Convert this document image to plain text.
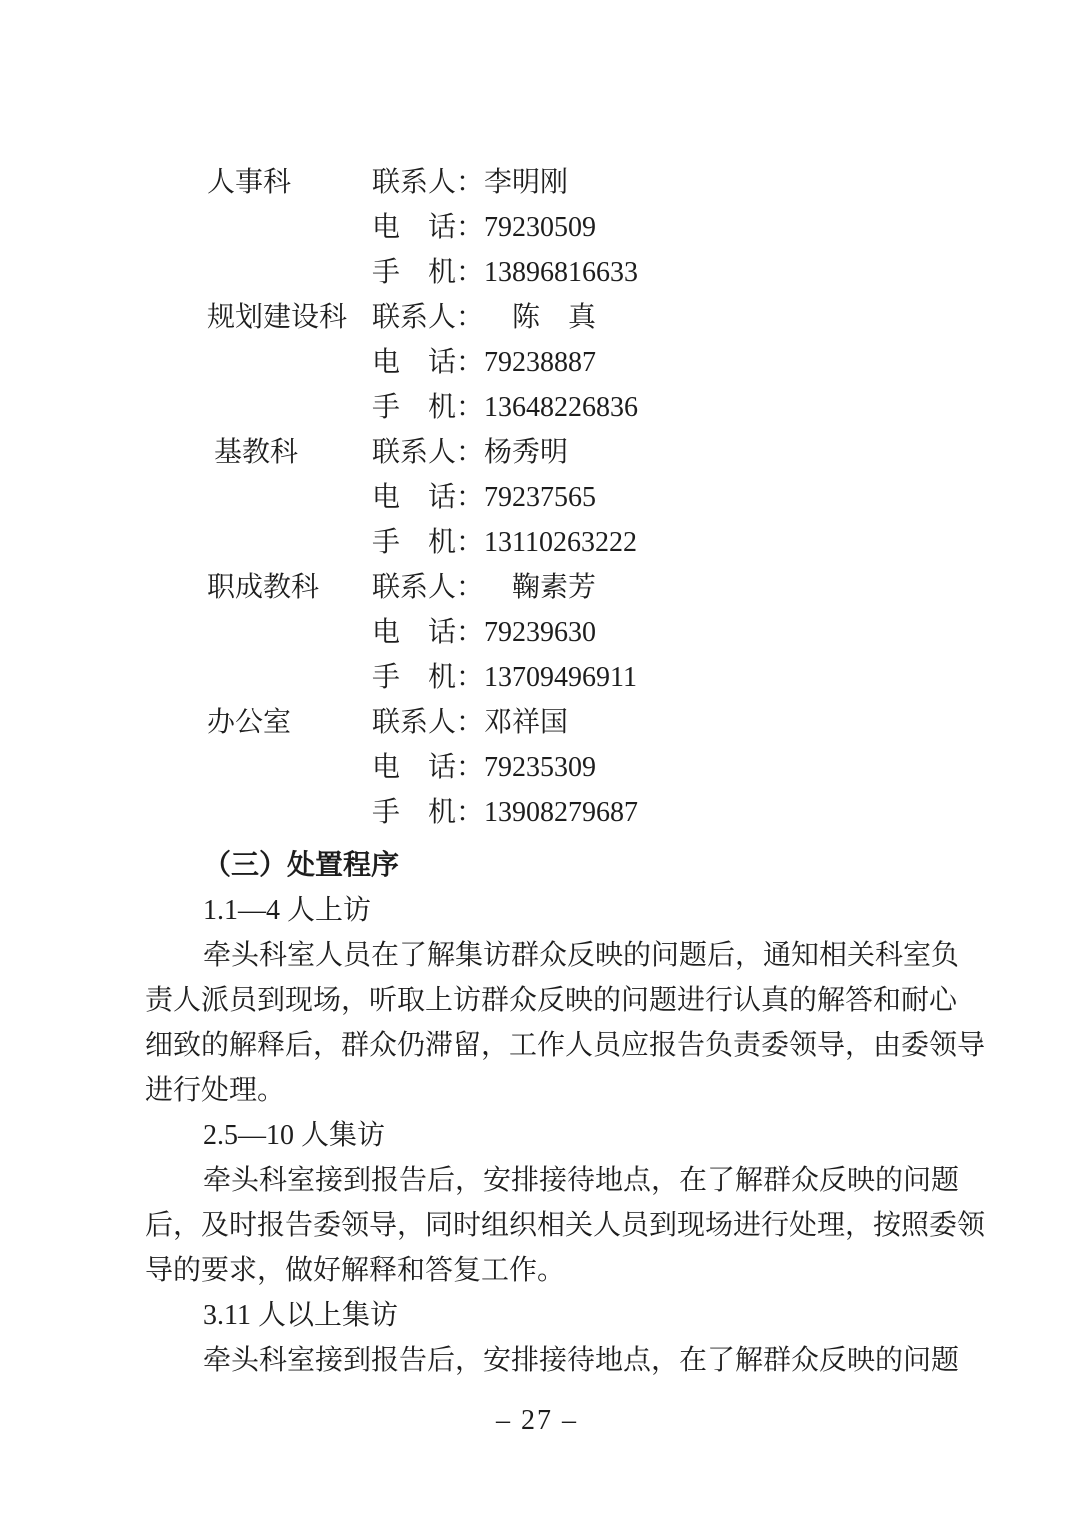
人事科	联系人： 李明刚
电　话： 79230509
手　机： 13896816633
规划建设科 联系人： 　陈　真
电　话： 79238887
手　机： 13648226836
基教科	联系人： 杨秀明
电　话： 79237565
手　机： 13110263222
职成教科	联系人： 　鞠素芳
电　话： 79239630
手　机： 13709496911
办公室	联系人： 邓祥国
电　话： 79235309
手　机： 13908279687
（三）处置程序
1.1—4 人上访
牵头科室人员在了解集访群众反映的问题后，通知相关科室负
责人派员到现场，听取上访群众反映的问题进行认真的解答和耐心
细致的解释后，群众仍滞留，工作人员应报告负责委领导，由委领导
进行处理。
2.5—10 人集访
牵头科室接到报告后，安排接待地点，在了解群众反映的问题
后，及时报告委领导，同时组织相关人员到现场进行处理，按照委领
导的要求，做好解释和答复工作。
3.11 人以上集访
牵头科室接到报告后，安排接待地点，在了解群众反映的问题
– 27 –
